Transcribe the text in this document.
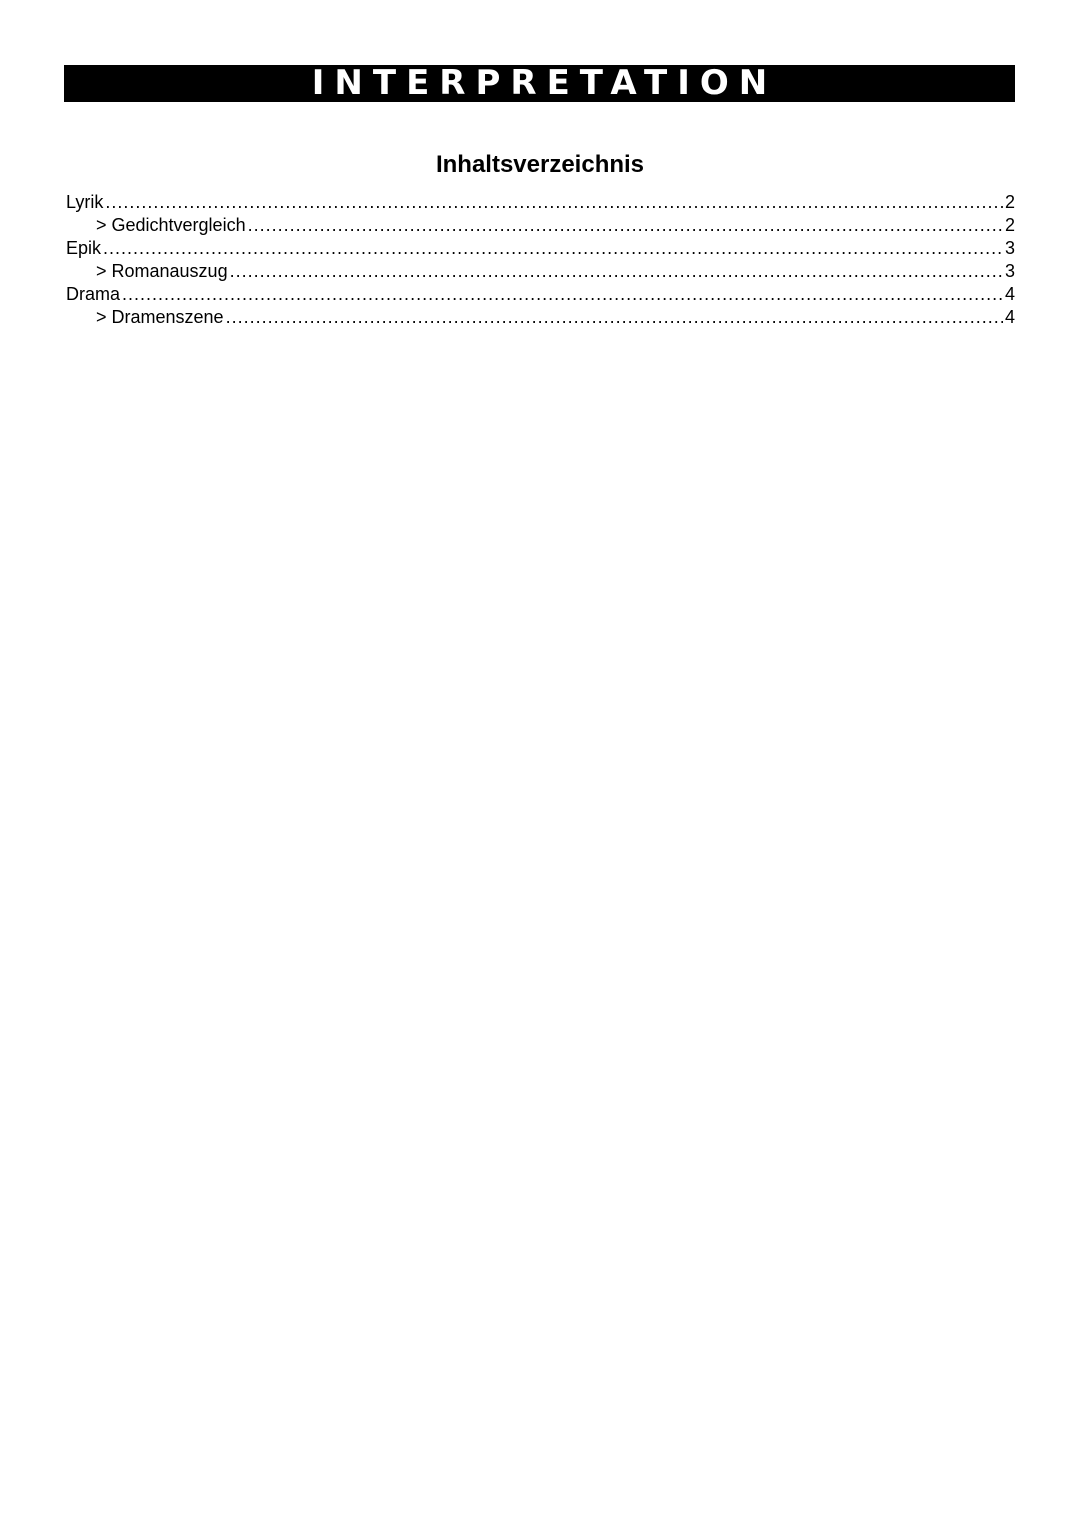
INTERPRETATION
Inhaltsverzeichnis
Lyrik .....	2
> Gedichtvergleich .....	2
Epik .....	3
> Romanauszug .....	3
Drama .....	4
> Dramenszene .....	4
